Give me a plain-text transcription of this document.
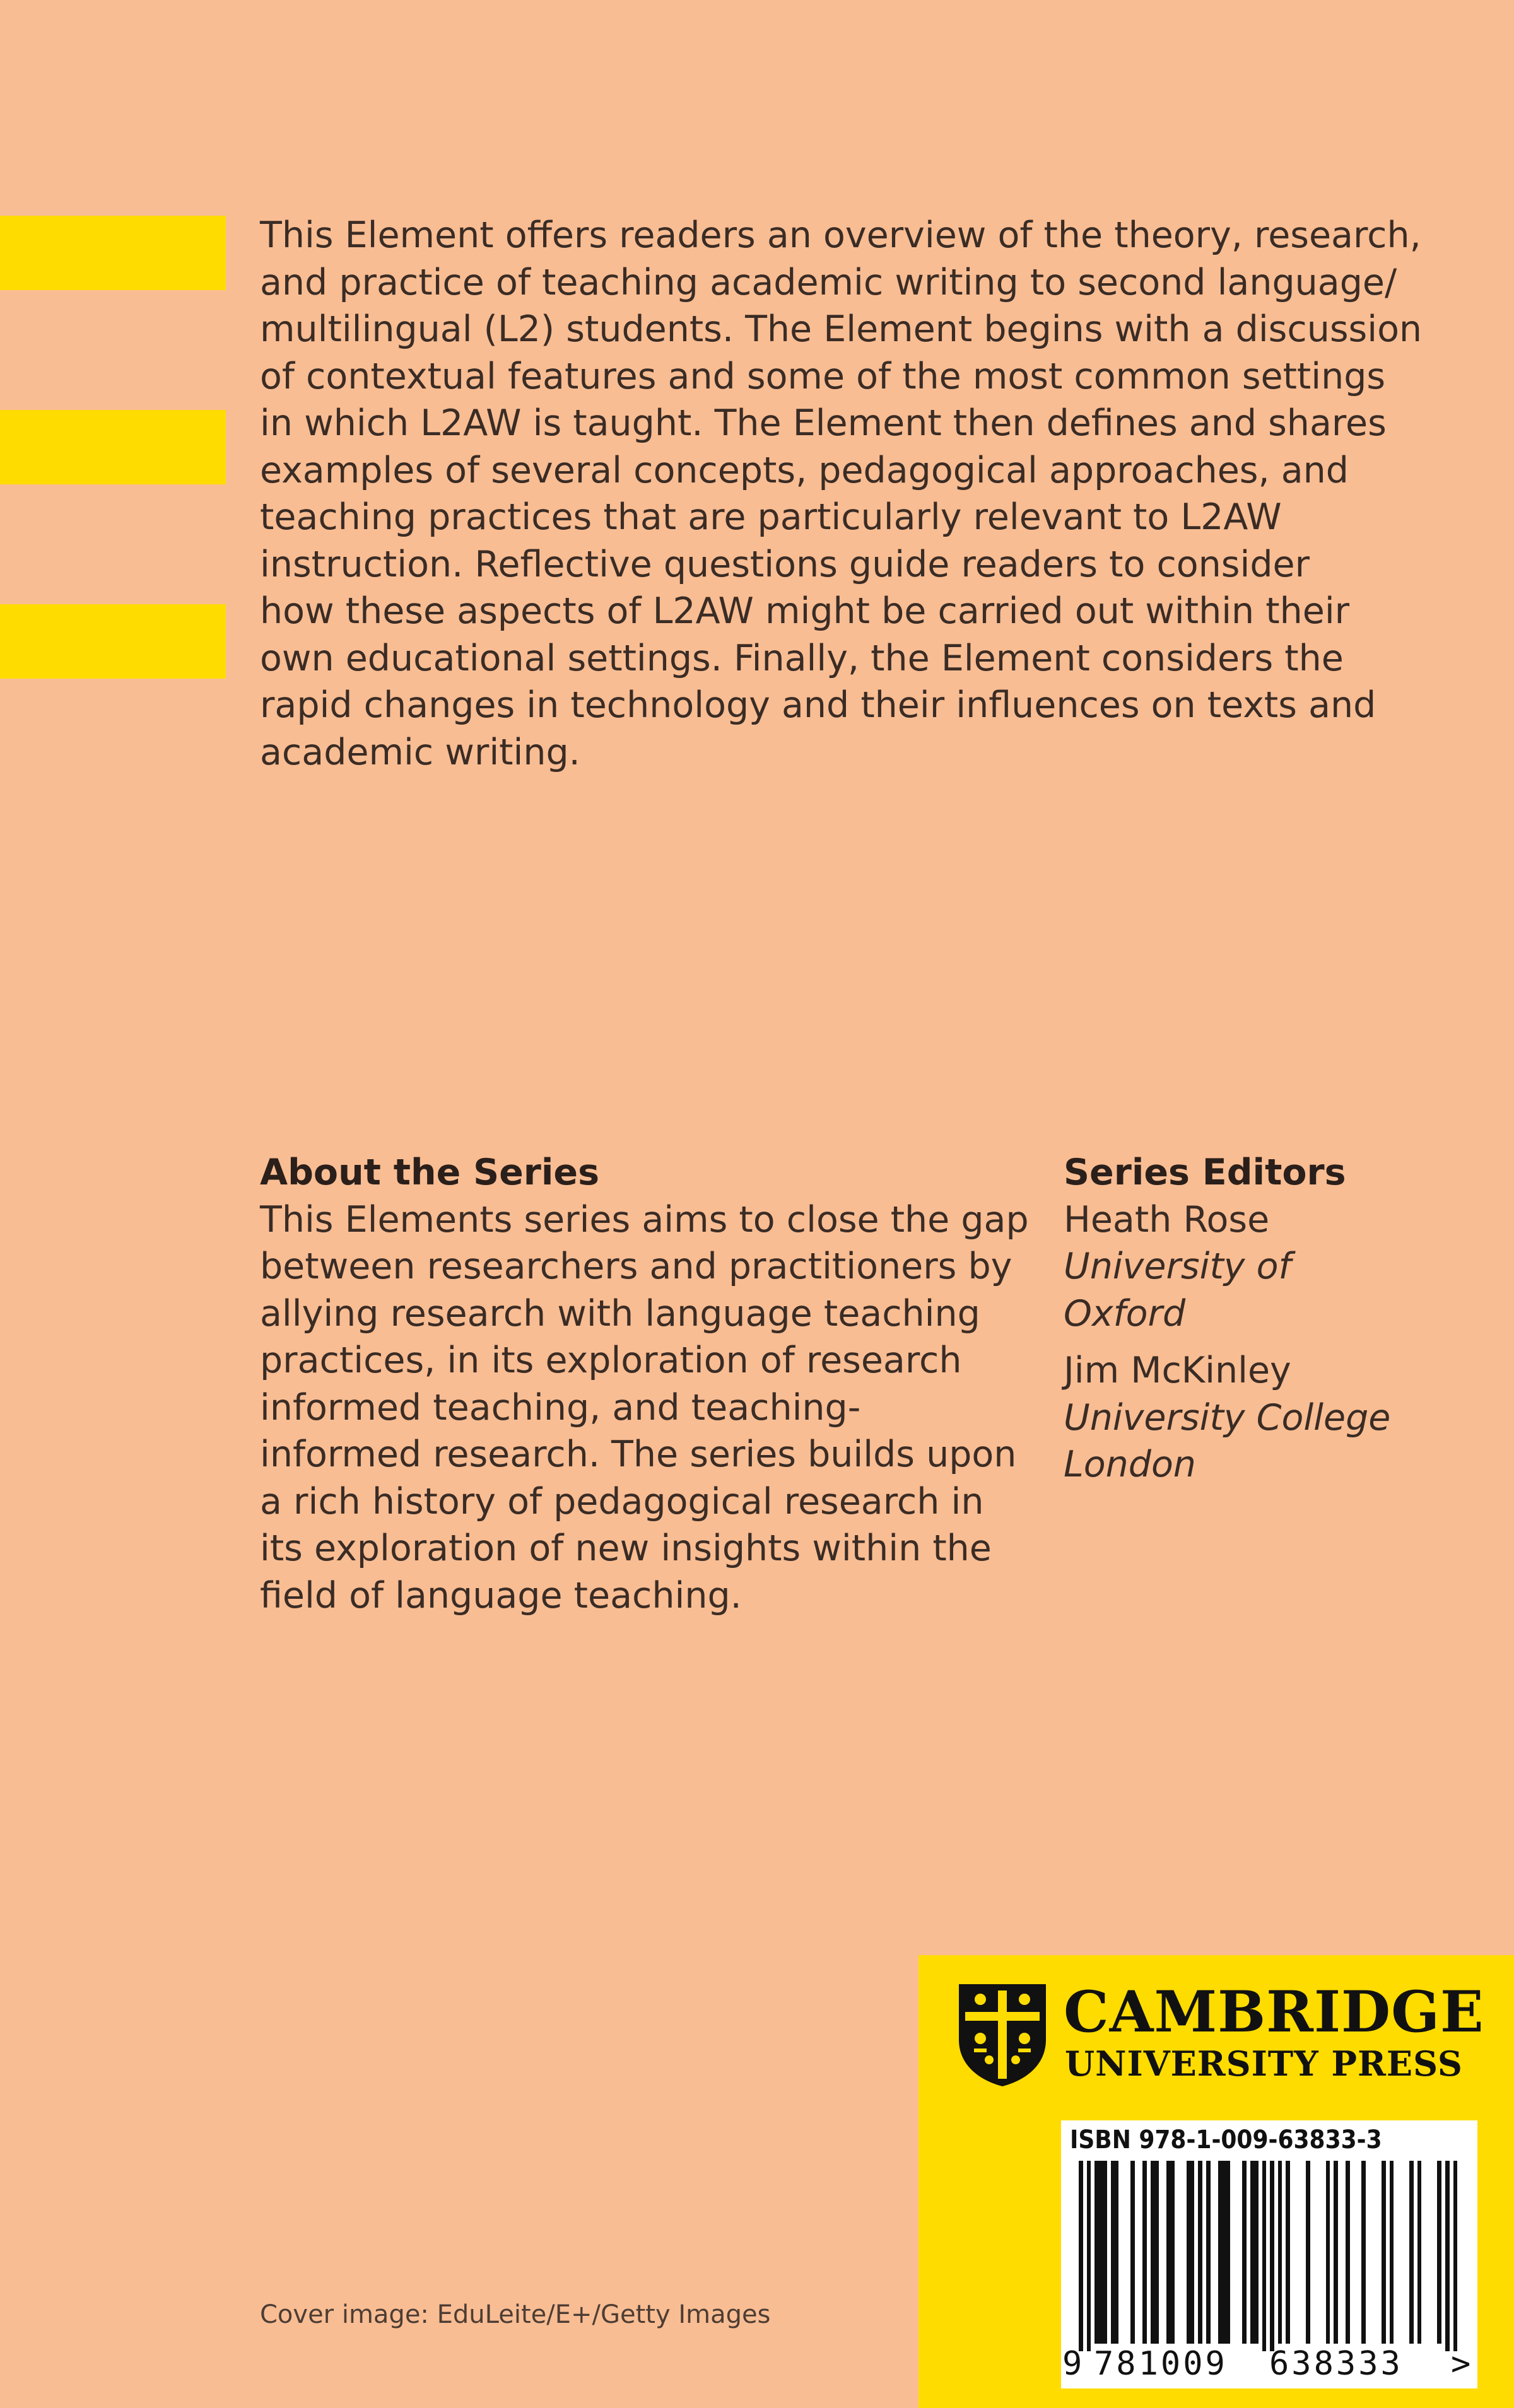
This Element offers readers an overview of the theory, research,
and practice of teaching academic writing to second language/
multilingual (L2) students. The Element begins with a discussion
of contextual features and some of the most common settings
in which L2AW is taught. The Element then defines and shares
examples of several concepts, pedagogical approaches, and
teaching practices that are particularly relevant to L2AW
instruction. Reflective questions guide readers to consider
how these aspects of L2AW might be carried out within their
own educational settings. Finally, the Element considers the
rapid changes in technology and their influences on texts and
academic writing.
About the Series
This Elements series aims to close the gap
between researchers and practitioners by
allying research with language teaching
practices, in its exploration of research
informed teaching, and teaching-
informed research. The series builds upon
a rich history of pedagogical research in
its exploration of new insights within the
field of language teaching.
Series Editors
Heath Rose
University of
Oxford
Jim McKinley
University College
London

Cover image: EduLeite/E+/Getty Images

CAMBRIDGE

UNIVERSITY PRESS

ISBN 978-1-009-63833-3

9 781009 638333 >
